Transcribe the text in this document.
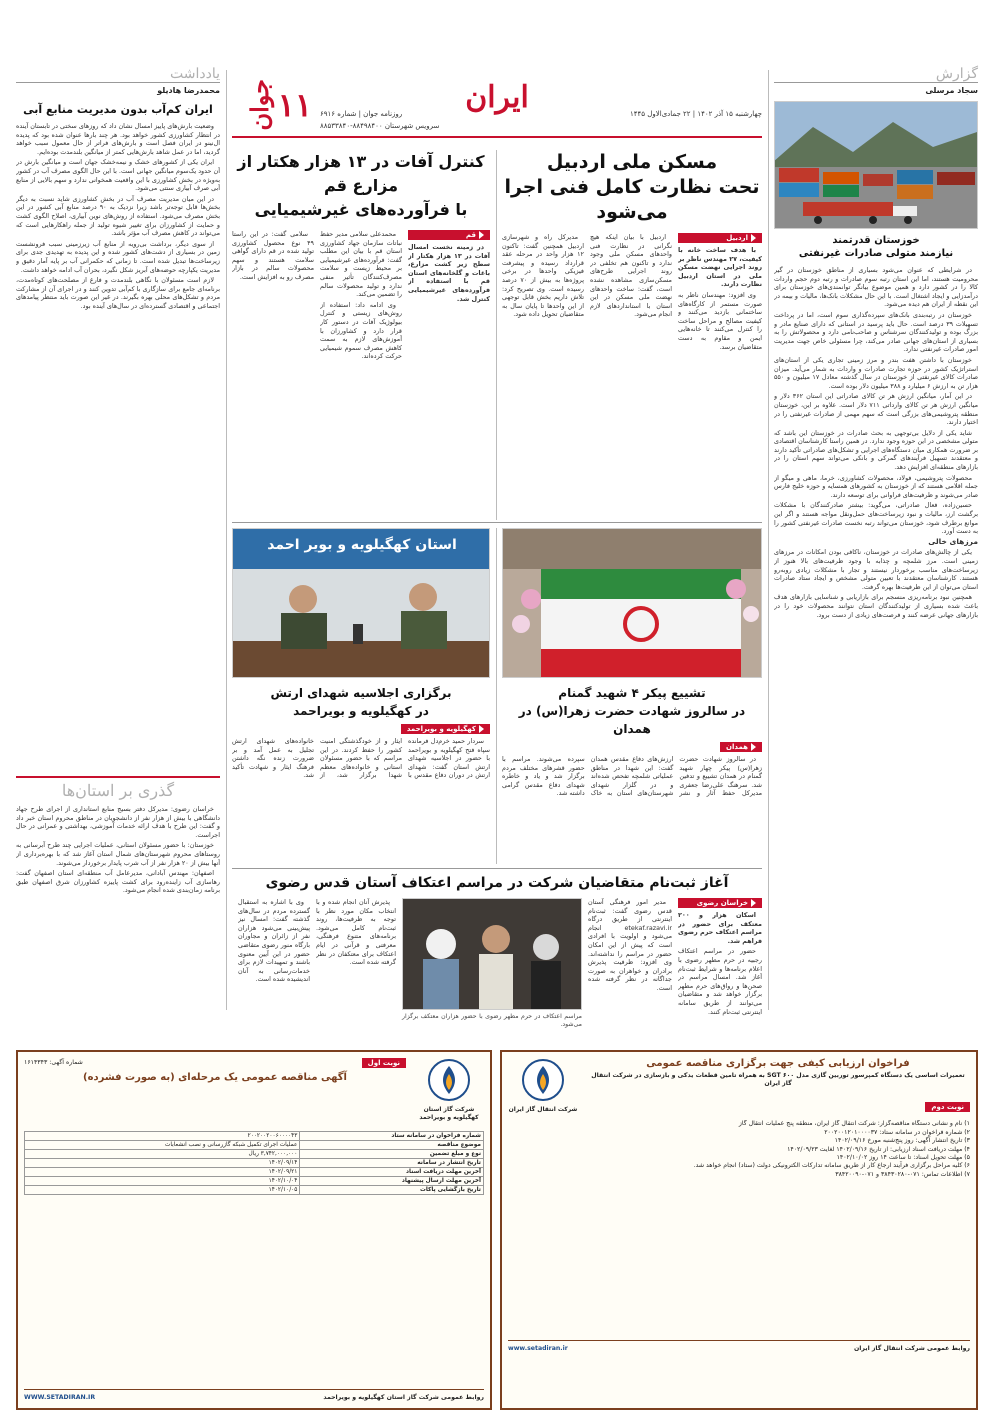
گزارش
سجاد مرسلی
خوزستان قدرتمند
نیازمند متولی صادرات غیرنفتی

در شرایطی که عنوان می‌شود بسیاری از مناطق خوزستان در گیر محرومیت هستند، اما این استان رتبه سوم صادرات و رتبه دوم حجم واردات کالا را در کشور دارد و همین موضوع بیانگر توانمندی‌های خوزستان برای درآمدزایی و ایجاد اشتغال است. با این حال مشکلات بانک‌ها، مالیات و بیمه در این نقطه از ایران هم دیده می‌شود.

خوزستان در رتبه‌بندی بانک‌های سپرده‌گذاری سوم است، اما در پرداخت تسهیلات ۳۹ درصد است. حال باید پرسید در استانی که دارای صنایع مادر و بزرگ بوده و تولیدکنندگان سرشناس و صاحب‌نامی دارد و محصولاتش را به بسیاری از استان‌های جهانی صادر می‌کند، چرا مسئولی خاص جهت مدیریت امور صادرات غیرنفتی ندارد.

خوزستان با داشتن هفت بندر و مرز زمینی تجاری یکی از استان‌های استراتژیک کشور در حوزه تجارت صادرات و واردات به شمار می‌آید. میزان صادرات کالای غیرنفتی از خوزستان در سال گذشته معادل ۱۷ میلیون و ۵۵۰ هزار تن به ارزش ۶ میلیارد و ۳۸۸ میلیون دلار بوده است.

در این آمار، میانگین ارزش هر تن کالای صادراتی این استان ۳۶۲ دلار و میانگین ارزش هر تن کالای وارداتی ۷۱۱ دلار است. علاوه بر این، خوزستان منطقه پتروشیمی‌های بزرگی است که سهم مهمی از صادرات غیرنفتی را در اختیار دارند.

شاید یکی از دلایل بی‌توجهی به بحث صادرات در خوزستان این باشد که متولی مشخصی در این حوزه وجود ندارد. در همین راستا کارشناسان اقتصادی بر ضرورت همکاری میان دستگاه‌های اجرایی و تشکل‌های صادراتی تأکید دارند و معتقدند تسهیل فرآیندهای گمرکی و بانکی می‌تواند سهم استان را در بازارهای منطقه‌ای افزایش دهد.

محصولات پتروشیمی، فولاد، محصولات کشاورزی، خرما، ماهی و میگو از جمله اقلامی هستند که از خوزستان به کشورهای همسایه و حوزه خلیج فارس صادر می‌شوند و ظرفیت‌های فراوانی برای توسعه دارند.

حسین‌زاده، فعال صادراتی، می‌گوید: بیشتر صادرکنندگان با مشکلات برگشت ارز، مالیات و نبود زیرساخت‌های حمل‌ونقل مواجه هستند و اگر این موانع برطرف شود، خوزستان می‌تواند رتبه نخست صادرات غیرنفتی کشور را به دست آورد.

مرزهای خالی

یکی از چالش‌های صادرات در خوزستان، ناکافی بودن امکانات در مرزهای زمینی است. مرز شلمچه و چذابه با وجود ظرفیت‌های بالا هنوز از زیرساخت‌های مناسب برخوردار نیستند و تجار با مشکلات زیادی روبه‌رو هستند. کارشناسان معتقدند با تعیین متولی مشخص و ایجاد ستاد صادرات استان می‌توان از این ظرفیت‌ها بهره گرفت.

همچنین نبود برنامه‌ریزی منسجم برای بازاریابی و شناسایی بازارهای هدف باعث شده بسیاری از تولیدکنندگان استان نتوانند محصولات خود را در بازارهای جهانی عرضه کنند و فرصت‌های زیادی از دست برود.

یادداشت
محمدرضا هادیلو
ایران کم‌آب بدون مدیریت منابع آبی

وضعیت بارش‌های پاییز امسال نشان داد که روزهای سختی در تابستان آینده در انتظار کشاورزی کشور خواهد بود. هر چند بارها عنوان شده بود که پدیده ال‌نینو در ایران فصل است و بارش‌های فراتر از حال معمول سبب خواهد گردید، اما در عمل شاهد بارش‌هایی کمتر از میانگین بلندمدت بوده‌ایم.

ایران یکی از کشورهای خشک و نیمه‌خشک جهان است و میانگین بارش در آن حدود یک‌سوم میانگین جهانی است. با این حال الگوی مصرف آب در کشور به‌ویژه در بخش کشاورزی با این واقعیت همخوانی ندارد و سهم بالایی از منابع آبی صرف آبیاری سنتی می‌شود.

در این میان مدیریت مصرف آب در بخش کشاورزی شاید نسبت به دیگر بخش‌ها قابل توجه‌تر باشد زیرا نزدیک به ۹۰ درصد منابع آبی کشور در این بخش مصرف می‌شود. استفاده از روش‌های نوین آبیاری، اصلاح الگوی کشت و حمایت از کشاورزان برای تغییر شیوه تولید از جمله راهکارهایی است که می‌تواند در کاهش مصرف آب مؤثر باشد.

از سوی دیگر، برداشت بی‌رویه از منابع آب زیرزمینی سبب فرونشست زمین در بسیاری از دشت‌های کشور شده و این پدیده به تهدیدی جدی برای زیرساخت‌ها تبدیل شده است. تا زمانی که حکمرانی آب بر پایه آمار دقیق و مدیریت یکپارچه حوضه‌های آبریز شکل نگیرد، بحران آب ادامه خواهد داشت.

لازم است مسئولان با نگاهی بلندمدت و فارغ از مصلحت‌های کوتاه‌مدت، برنامه‌ای جامع برای سازگاری با کم‌آبی تدوین کنند و در اجرای آن از مشارکت مردم و تشکل‌های محلی بهره بگیرند. در غیر این صورت باید منتظر پیامدهای اجتماعی و اقتصادی گسترده‌ای در سال‌های آینده بود.

گذری بر استان‌ها

خراسان رضوی: مدیرکل دفتر بسیج منابع استانداری از اجرای طرح جهاد دانشگاهی با بیش از هزار نفر از دانشجویان در مناطق محروم استان خبر داد و گفت: این طرح با هدف ارائه خدمات آموزشی، بهداشتی و عمرانی در حال اجراست.

خوزستان: با حضور مسئولان استانی، عملیات اجرایی چند طرح آبرسانی به روستاهای محروم شهرستان‌های شمال استان آغاز شد که با بهره‌برداری از آنها بیش از ۲۰ هزار نفر از آب شرب پایدار برخوردار می‌شوند.

اصفهان: مهندس آبادانی، مدیرعامل آب منطقه‌ای استان اصفهان گفت: رهاسازی آب زاینده‌رود برای کشت پاییزه کشاورزان شرق اصفهان طبق برنامه زمان‌بندی شده انجام می‌شود.

۱۱
جوان	ایران	چهارشنبه ۱۵ آذر ۱۴۰۲ | ۲۲ جمادی‌الاول ۱۴۴۵
روزنامه جوان | شماره ۶۹۱۶
سرویس شهرستان ۸۸۴۹۸۴۰۰-۸۸۵۳۳۸۴۰
مسکن ملی اردبیل
تحت نظارت کامل فنی اجرا می‌شود
اردبیل

با هدف ساخت خانه با کیفیت، ۲۷ مهندس ناظر بر روند اجرایی نهضت مسکن ملی در استان اردبیل نظارت دارند.

وی افزود: مهندسان ناظر به صورت مستمر از کارگاه‌های ساختمانی بازدید می‌کنند و کیفیت مصالح و مراحل ساخت را کنترل می‌کنند تا خانه‌هایی ایمن و مقاوم به دست متقاضیان برسد.

اردبیل با بیان اینکه هیچ نگرانی در نظارت فنی واحدهای مسکن ملی وجود ندارد و تاکنون هم تخلفی در روند اجرایی طرح‌های مسکن‌سازی مشاهده نشده است، گفت: ساخت واحدهای نهضت ملی مسکن در این استان با استانداردهای لازم انجام می‌شود.

مدیرکل راه و شهرسازی اردبیل همچنین گفت: تاکنون ۱۲ هزار واحد در مرحله عقد قرارداد رسیده و پیشرفت فیزیکی واحدها در برخی پروژه‌ها به بیش از ۷۰ درصد رسیده است. وی تصریح کرد: تلاش داریم بخش قابل توجهی از این واحدها تا پایان سال به متقاضیان تحویل داده شود.

کنترل آفات در ۱۳ هزار هکتار از مزارع قم
با فرآورده‌های غیرشیمیایی
قم

در زمینه نخست امسال آفات در ۱۳ هزار هکتار از سطح زیر کشت مزارع، باغات و گلخانه‌های استان قم با استفاده از فرآورده‌های غیرشیمیایی کنترل شد.

محمدعلی سلامی مدیر حفظ نباتات سازمان جهاد کشاورزی استان قم با بیان این مطلب گفت: فرآورده‌های غیرشیمیایی بر محیط زیست و سلامت مصرف‌کنندگان تأثیر منفی ندارد و تولید محصولات سالم را تضمین می‌کند.

وی ادامه داد: استفاده از روش‌های زیستی و کنترل بیولوژیک آفات در دستور کار قرار دارد و کشاورزان با آموزش‌های لازم به سمت کاهش مصرف سموم شیمیایی حرکت کرده‌اند.

سلامی گفت: در این راستا ۴۹ نوع محصول کشاورزی تولید شده در قم دارای گواهی سلامت هستند و سهم محصولات سالم در بازار مصرف رو به افزایش است.

تشییع پیکر ۴ شهید گمنام
در سالروز شهادت حضرت زهرا(س) در همدان
همدان

در سالروز شهادت حضرت زهرا(س) پیکر چهار شهید گمنام در همدان تشییع و تدفین شد. سرهنگ علی‌رضا جعفری مدیرکل حفظ آثار و نشر ارزش‌های دفاع مقدس همدان گفت: این شهدا در مناطق عملیاتی شلمچه تفحص شده‌اند و در گلزار شهدای شهرستان‌های استان به خاک سپرده می‌شوند. مراسم با حضور قشرهای مختلف مردم برگزار شد و یاد و خاطره شهدای دفاع مقدس گرامی داشته شد.

استان کهگیلویه و بویر احمد
برگزاری اجلاسیه شهدای ارتش
در کهگیلویه و بویراحمد
کهگیلویه و بویراحمد

سردار حمید خرم‌دل فرمانده سپاه فتح کهگیلویه و بویراحمد با حضور در اجلاسیه شهدای ارتش استان گفت: شهدای ارتش در دوران دفاع مقدس با ایثار و از خودگذشتگی امنیت کشور را حفظ کردند. در این مراسم که با حضور مسئولان استانی و خانواده‌های معظم شهدا برگزار شد، از خانواده‌های شهدای ارتش تجلیل به عمل آمد و بر ضرورت زنده نگه داشتن فرهنگ ایثار و شهادت تأکید شد.

آغاز ثبت‌نام متقاضیان شرکت در مراسم اعتکاف آستان قدس رضوی
خراسان رضوی

اسکان هزار و ۲۰۰ معتکف برای حضور در مراسم اعتکاف حرم رضوی فراهم شد.

حضور در مراسم اعتکاف رجبیه در حرم مطهر رضوی با اعلام برنامه‌ها و شرایط ثبت‌نام آغاز شد. امسال مراسم در صحن‌ها و رواق‌های حرم مطهر برگزار خواهد شد و متقاضیان می‌توانند از طریق سامانه اینترنتی ثبت‌نام کنند.

مدیر امور فرهنگی آستان قدس رضوی گفت: ثبت‌نام اینترنتی از طریق درگاه etekaf.razavi.ir انجام می‌شود و اولویت با افرادی است که پیش از این امکان حضور در مراسم را نداشته‌اند. وی افزود: ظرفیت پذیرش برادران و خواهران به صورت جداگانه در نظر گرفته شده است.

مراسم اعتکاف در حرم مطهر رضوی با حضور هزاران معتکف برگزار می‌شود.

پذیرش آنان انجام شده و با انتخاب مکان مورد نظر با توجه به ظرفیت‌ها، روند ثبت‌نام کامل می‌شود. برنامه‌های متنوع فرهنگی، معرفتی و قرآنی در ایام اعتکاف برای معتکفان در نظر گرفته شده است.

وی با اشاره به استقبال گسترده مردم در سال‌های گذشته گفت: امسال نیز پیش‌بینی می‌شود هزاران نفر از زائران و مجاوران بارگاه منور رضوی متقاضی حضور در این آیین معنوی باشند و تمهیدات لازم برای خدمات‌رسانی به آنان اندیشیده شده است.

فراخوان ارزیابی کیفی جهت برگزاری مناقصه عمومی
تعمیرات اساسی یک دستگاه کمپرسور توربین گازی مدل SGT ۶۰۰ به همراه تامین قطعات یدکی و بازسازی در شرکت انتقال گاز ایران
نوبت دوم
شرکت انتقال گاز ایران
۱) نام و نشانی دستگاه مناقصه‌گزار: شرکت انتقال گاز ایران، منطقه پنج عملیات انتقال گاز
۲) شماره فراخوان در سامانه ستاد: ۲۰۰۲۰۰۱۲۰۱۰۰۰۰۳۷
۳) تاریخ انتشار آگهی: روز پنج‌شنبه مورخ ۱۴۰۲/۰۹/۱۶
۴) مهلت دریافت اسناد ارزیابی: از تاریخ ۱۴۰۲/۰۹/۱۶ لغایت ۱۴۰۲/۰۹/۲۳
۵) مهلت تحویل اسناد: تا ساعت ۱۴ روز ۱۴۰۲/۱۰/۰۲
۶) کلیه مراحل برگزاری فرآیند ارجاع کار از طریق سامانه تدارکات الکترونیکی دولت (ستاد) انجام خواهد شد.
۷) اطلاعات تماس: ۰۷۱-۳۸۴۳۰۲۸۰ و ۰۷۱-۳۸۴۲۰۰۹۰
روابط عمومی شرکت انتقال گاز ایران
www.setadiran.ir
شرکت گاز استان کهگیلویه و بویراحمد
نوبت اول
شماره آگهی: ۱۶۱۴۳۴۳
آگهی مناقصه عمومی یک مرحله‌ای (به صورت فشرده)
شماره فراخوان در سامانه ستاد	۲۰۰۲۰۰۲۰۰۶۰۰۰۰۴۳
موضوع مناقصه	عملیات اجرای تکمیل شبکه گازرسانی و نصب انشعابات
نوع و مبلغ تضمین	۳,۷۴۲,۰۰۰,۰۰۰ ریال
تاریخ انتشار در سامانه	۱۴۰۲/۰۹/۱۴
آخرین مهلت دریافت اسناد	۱۴۰۲/۰۹/۲۱
آخرین مهلت ارسال پیشنهاد	۱۴۰۲/۱۰/۰۴
تاریخ بازگشایی پاکات	۱۴۰۲/۱۰/۰۵
روابط عمومی شرکت گاز استان کهگیلویه و بویراحمد
WWW.SETADIRAN.IR
